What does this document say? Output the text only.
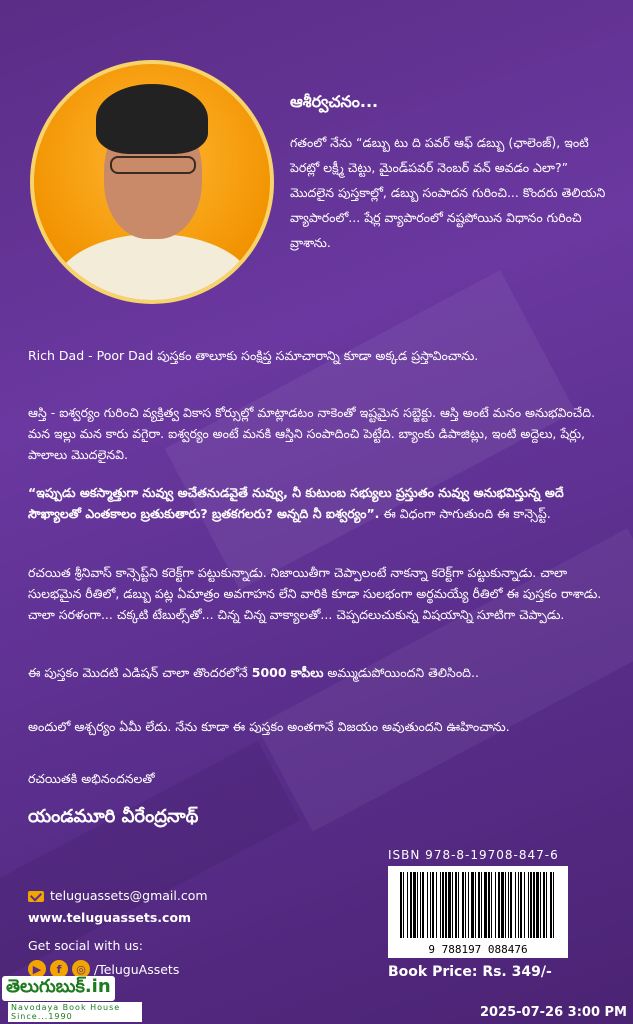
ఆశీర్వచనం...
గతంలో నేను “డబ్బు టు ది పవర్ ఆఫ్ డబ్బు (ఛాలెంజ్), ఇంటి పెరట్లో లక్ష్మీ చెట్టు, మైండ్‌పవర్ నెంబర్ వన్ అవడం ఎలా?” మొదలైన పుస్తకాల్లో, డబ్బు సంపాదన గురించి... కొందరు తెలియని వ్యాపారంలో... షేర్ల వ్యాపారంలో నష్టపోయిన విధానం గురించి వ్రాశాను.
Rich Dad - Poor Dad పుస్తకం తాలూకు సంక్షిప్త సమాచారాన్ని కూడా అక్కడ ప్రస్తావించాను.
ఆస్తి - ఐశ్వర్యం గురించి వ్యక్తిత్వ వికాస కోర్సుల్లో మాట్లాడటం నాకెంతో ఇష్టమైన సబ్జెక్టు. ఆస్తి అంటే మనం అనుభవించేది. మన ఇల్లు మన కారు వగైరా. ఐశ్వర్యం అంటే మనకి ఆస్తిని సంపాదించి పెట్టేది. బ్యాంకు డిపాజిట్లు, ఇంటి అద్దెలు, షేర్లు, పాలాలు మొదలైనవి.
“ఇప్పుడు అకస్మాత్తుగా నువ్వు అచేతనుడవైతే నువ్వు, నీ కుటుంబ సభ్యులు ప్రస్తుతం నువ్వు అనుభవిస్తున్న అదే సౌఖ్యాలతో ఎంతకాలం బ్రతుకుతారు? బ్రతకగలరు? అన్నది నీ ఐశ్వర్యం”. ఈ విధంగా సాగుతుంది ఈ కాన్సెప్ట్.
రచయిత శ్రీనివాస్ కాన్సెప్ట్‌ని కరెక్ట్‌గా పట్టుకున్నాడు. నిజాయితీగా చెప్పాలంటే నాకన్నా కరెక్ట్‌గా పట్టుకున్నాడు. చాలా సులభమైన రీతిలో, డబ్బు పట్ల ఏమాత్రం అవగాహన లేని వారికి కూడా సులభంగా అర్థమయ్యే రీతిలో ఈ పుస్తకం రాశాడు. చాలా సరళంగా... చక్కటి టేబుల్స్‌తో... చిన్న చిన్న వాక్యాలతో... చెప్పదలుచుకున్న విషయాన్ని సూటిగా చెప్పాడు.
ఈ పుస్తకం మొదటి ఎడిషన్ చాలా తొందరలోనే 5000 కాపీలు అమ్ముడుపోయిందని తెలిసింది..
అందులో ఆశ్చర్యం ఏమీ లేదు. నేను కూడా ఈ పుస్తకం అంతగానే విజయం అవుతుందని ఊహించాను.
రచయితకి అభినందనలతో
యండమూరి వీరేంద్రనాథ్
teluguassets@gmail.com
www.teluguassets.com
Get social with us:
▶	f	◎ /TeluguAssets
తెలుగుబుక్.in
Navodaya Book House Since...1990
ISBN 978-8-19708-847-6
9 788197 088476
Book Price: Rs. 349/-
2025-07-26 3:00 PM
